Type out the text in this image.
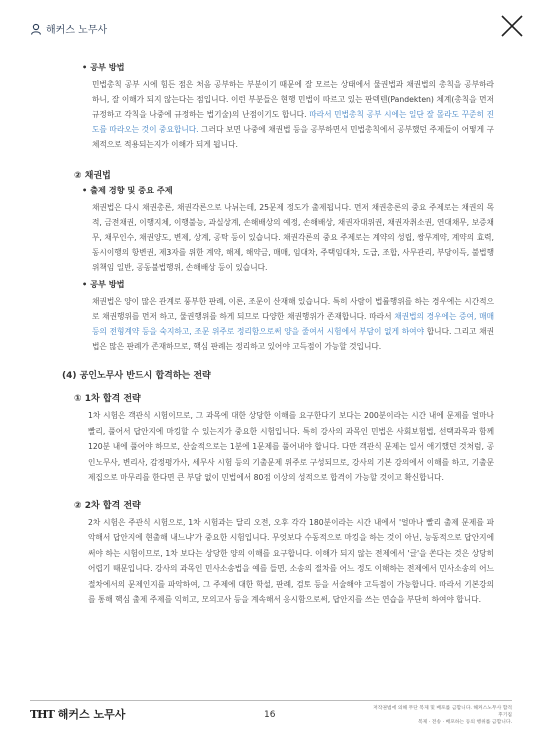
해커스 노무사
• 공부 방법

민법총칙 공부 시에 힘든 점은 처음 공부하는 부분이기 때문에 잘 모르는 상태에서 물권법과 채권법의 총칙을 공부하라 하니, 잘 이해가 되지 않는다는 점입니다. 이런 부분들은 현행 민법이 따르고 있는 판덱텐(Pandekten) 체계(총칙을 먼저 규정하고 각칙을 나중에 규정하는 법기술)의 난점이기도 합니다. 따라서 민법총칙 공부 시에는 일단 잘 몰라도 꾸준히 진도를 따라오는 것이 중요합니다. 그러다 보면 나중에 채권법 등을 공부하면서 민법총칙에서 공부했던 주제들이 어떻게 구체적으로 적용되는지가 이해가 되게 됩니다.

② 채권법
• 출제 경향 및 중요 주제

채권법은 다시 채권총론, 채권각론으로 나뉘는데, 25문제 정도가 출제됩니다. 먼저 채권총론의 중요 주제로는 채권의 목적, 금전채권, 이행지체, 이행불능, 과실상계, 손해배상의 예정, 손해배상, 채권자대위권, 채권자취소권, 연대채무, 보증채무, 채무인수, 채권양도, 변제, 상계, 공탁 등이 있습니다. 채권각론의 중요 주제로는 계약의 성립, 쌍무계약, 계약의 효력, 동시이행의 항변권, 제3자를 위한 계약, 해제, 해약금, 매매, 임대차, 주택임대차, 도급, 조합, 사무관리, 부당이득, 불법행위책임 일반, 공동불법행위, 손해배상 등이 있습니다.

• 공부 방법

채권법은 양이 많은 관계로 풍부한 판례, 이론, 조문이 산재해 있습니다. 특히 사람이 법률행위를 하는 경우에는 시간적으로 채권행위를 먼저 하고, 물권행위를 하게 되므로 다양한 채권행위가 존재합니다. 따라서 채권법의 경우에는 증여, 매매 등의 전형계약 등을 숙지하고, 조문 위주로 정리함으로써 양을 줄여서 시험에서 부담이 없게 하여야 합니다. 그리고 채권법은 많은 판례가 존재하므로, 핵심 판례는 정리하고 있어야 고득점이 가능할 것입니다.

(4) 공인노무사 반드시 합격하는 전략
① 1차 합격 전략

1차 시험은 객관식 시험이므로, 그 과목에 대한 상당한 이해를 요구한다기 보다는 200분이라는 시간 내에 문제를 얼마나 빨리, 풀어서 답안지에 마킹할 수 있는지가 중요한 시험입니다. 특히 강사의 과목인 민법은 사회보험법, 선택과목과 함께 120분 내에 풀어야 하므로, 산술적으로는 1분에 1문제를 풀어내야 합니다. 다만 객관식 문제는 일서 애기했던 것처럼, 공인노무사, 변리사, 감정평가사, 세무사 시험 등의 기출문제 위주로 구성되므로, 강사의 기본 강의에서 이해를 하고, 기출문제집으로 마무리를 한다면 큰 부담 없이 민법에서 80점 이상의 성적으로 합격이 가능할 것이고 확신합니다.

② 2차 합격 전략

2차 시험은 주관식 시험으로, 1차 시험과는 달리 오전, 오후 각각 180분이라는 시간 내에서 '얼마나 빨리 출제 문제를 파악해서 답안지에 현출해 내느냐'가 중요한 시험입니다. 무엇보다 수동적으로 마킹을 하는 것이 아닌, 능동적으로 답안지에 써야 하는 시험이므로, 1차 보다는 상당한 양의 이해를 요구합니다. 이해가 되지 않는 전제에서 '글'을 쏜다는 것은 상당히 어렵기 때문입니다. 강사의 과목인 민사소송법을 예를 들면, 소송의 절차를 어느 정도 이해하는 전제에서 민사소송의 어느 절차에서의 문제인지를 파악하여, 그 주제에 대한 학설, 판례, 검토 등을 서술해야 고득점이 가능합니다. 따라서 기본강의를 통해 핵심 출제 주제를 익히고, 모의고사 등을 계속해서 응시함으로써, 답안지를 쓰는 연습을 부단히 하여야 합니다.

THT 해커스 노무사	16
저작권법에 의해 무단 복제 및 배포를 금합니다. 해커스노무사 합격 후기집
복제 · 전송 · 배포하는 등의 행위를 금합니다.
